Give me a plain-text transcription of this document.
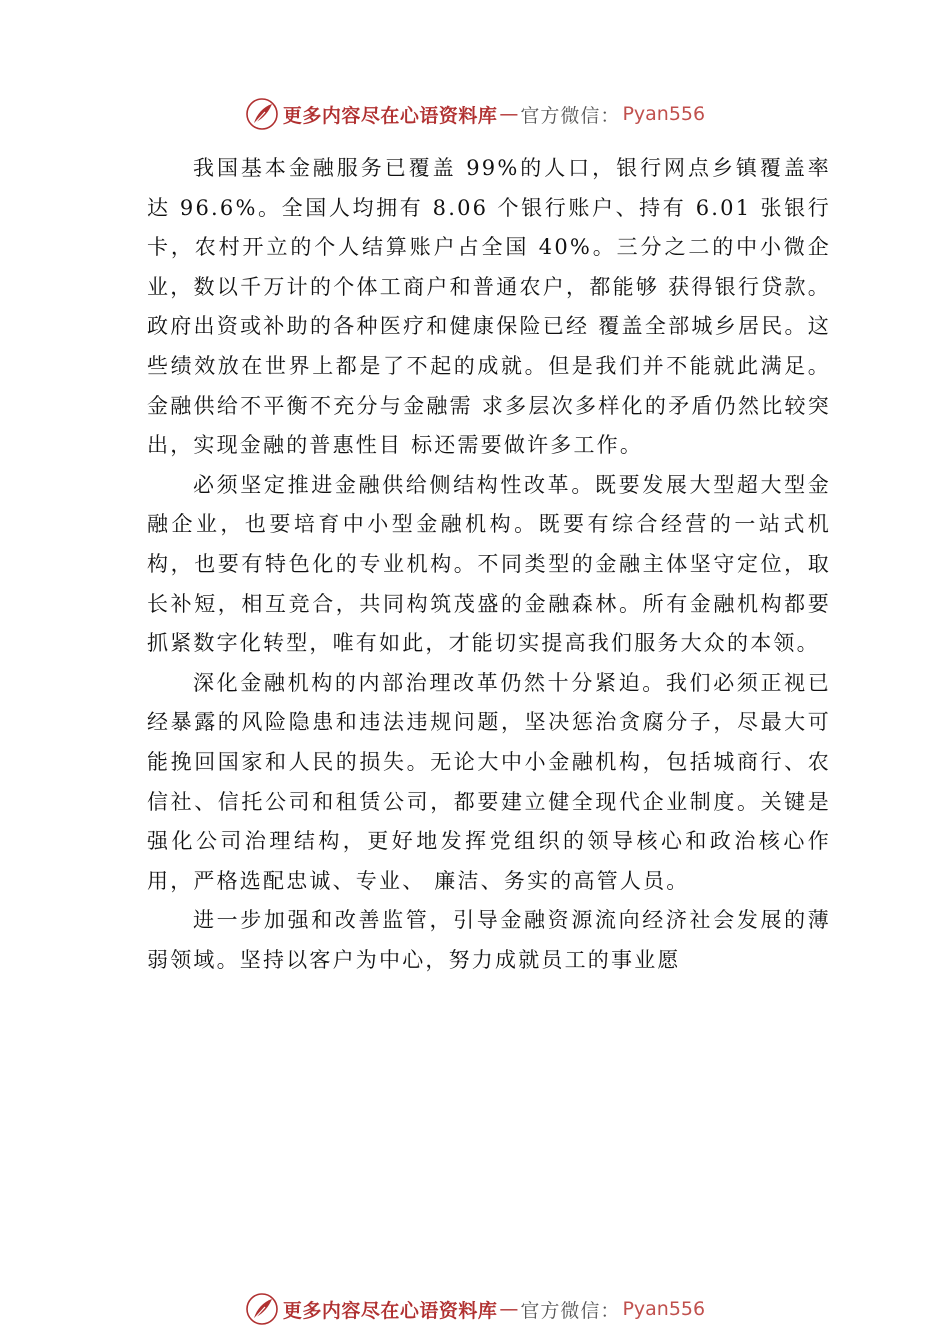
更多内容尽在心语资料库 — 官方微信： Pyan556

我国基本金融服务已覆盖 99%的人口，银行网点乡镇覆盖率达 96.6%。全国人均拥有 8.06 个银行账户、持有 6.01 张银行卡，农村开立的个人结算账户占全国 40%。三分之二的中小微企业，数以千万计的个体工商户和普通农户，都能够 获得银行贷款。政府出资或补助的各种医疗和健康保险已经 覆盖全部城乡居民。这些绩效放在世界上都是了不起的成就。但是我们并不能就此满足。金融供给不平衡不充分与金融需 求多层次多样化的矛盾仍然比较突出，实现金融的普惠性目 标还需要做许多工作。

必须坚定推进金融供给侧结构性改革。既要发展大型超大型金融企业，也要培育中小型金融机构。既要有综合经营的一站式机构，也要有特色化的专业机构。不同类型的金融主体坚守定位，取长补短，相互竞合，共同构筑茂盛的金融森林。所有金融机构都要抓紧数字化转型，唯有如此，才能切实提高我们服务大众的本领。

深化金融机构的内部治理改革仍然十分紧迫。我们必须正视已经暴露的风险隐患和违法违规问题，坚决惩治贪腐分子，尽最大可能挽回国家和人民的损失。无论大中小金融机构，包括城商行、农信社、信托公司和租赁公司，都要建立健全现代企业制度。关键是强化公司治理结构，更好地发挥党组织的领导核心和政治核心作用，严格选配忠诚、专业、 廉洁、务实的高管人员。

进一步加强和改善监管，引导金融资源流向经济社会发展的薄弱领域。坚持以客户为中心，努力成就员工的事业愿

更多内容尽在心语资料库 — 官方微信： Pyan556
